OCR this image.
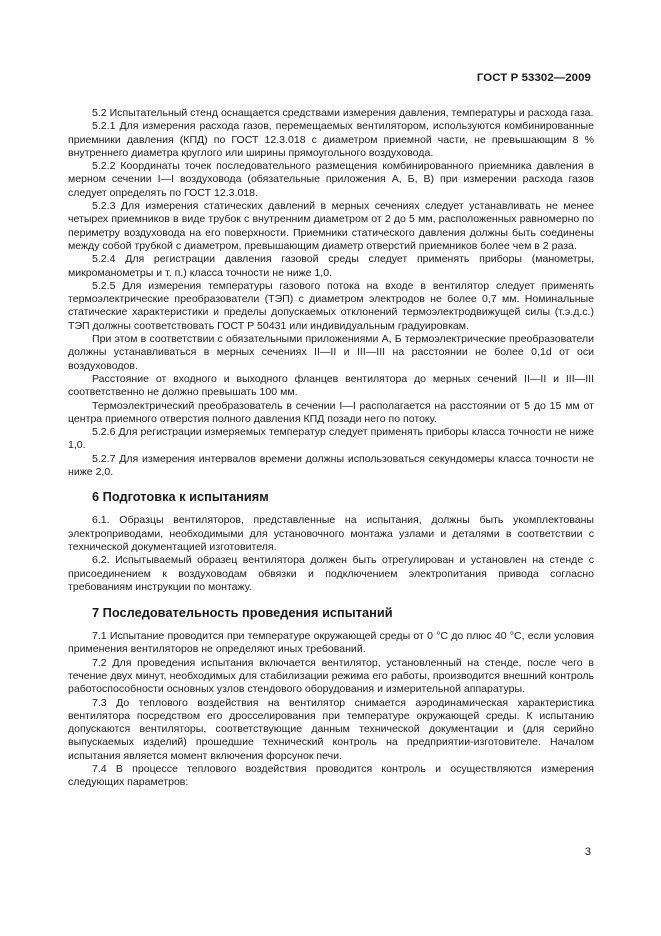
ГОСТ Р 53302—2009

5.2 Испытательный стенд оснащается средствами измерения давления, температуры и расхода газа.

5.2.1 Для измерения расхода газов, перемещаемых вентилятором, используются комбинированные приемники давления (КПД) по ГОСТ 12.3.018 с диаметром приемной части, не превышающим 8 % внутреннего диаметра круглого или ширины прямоугольного воздуховода.

5.2.2 Координаты точек последовательного размещения комбинированного приемника давления в мерном сечении I—I воздуховода (обязательные приложения А, Б, В) при измерении расхода газов следует определять по ГОСТ 12.3.018.

5.2.3 Для измерения статических давлений в мерных сечениях следует устанавливать не менее четырех приемников в виде трубок с внутренним диаметром от 2 до 5 мм, расположенных равномерно по периметру воздуховода на его поверхности. Приемники статического давления должны быть соединены между собой трубкой с диаметром, превышающим диаметр отверстий приемников более чем в 2 раза.

5.2.4 Для регистрации давления газовой среды следует применять приборы (манометры, микроманометры и т. п.) класса точности не ниже 1,0.

5.2.5 Для измерения температуры газового потока на входе в вентилятор следует применять термоэлектрические преобразователи (ТЭП) с диаметром электродов не более 0,7 мм. Номинальные статические характеристики и пределы допускаемых отклонений термоэлектродвижущей силы (т.э.д.с.) ТЭП должны соответствовать ГОСТ Р 50431 или индивидуальным градуировкам.

При этом в соответствии с обязательными приложениями А, Б термоэлектрические преобразователи должны устанавливаться в мерных сечениях II—II и III—III на расстоянии не более 0,1d от оси воздуховодов.

Расстояние от входного и выходного фланцев вентилятора до мерных сечений II—II и III—III соответственно не должно превышать 100 мм.

Термоэлектрический преобразователь в сечении I—I располагается на расстоянии от 5 до 15 мм от центра приемного отверстия полного давления КПД позади него по потоку.

5.2.6 Для регистрации измеряемых температур следует применять приборы класса точности не ниже 1,0.

5.2.7 Для измерения интервалов времени должны использоваться секундомеры класса точности не ниже 2,0.

6 Подготовка к испытаниям

6.1. Образцы вентиляторов, представленные на испытания, должны быть укомплектованы электроприводами, необходимыми для установочного монтажа узлами и деталями в соответствии с технической документацией изготовителя.

6.2. Испытываемый образец вентилятора должен быть отрегулирован и установлен на стенде с присоединением к воздуховодам обвязки и подключением электропитания привода согласно требованиям инструкции по монтажу.

7 Последовательность проведения испытаний

7.1 Испытание проводится при температуре окружающей среды от 0 °С до плюс 40 °С, если условия применения вентиляторов не определяют иных требований.

7.2 Для проведения испытания включается вентилятор, установленный на стенде, после чего в течение двух минут, необходимых для стабилизации режима его работы, производится внешний контроль работоспособности основных узлов стендового оборудования и измерительной аппаратуры.

7.3 До теплового воздействия на вентилятор снимается аэродинамическая характеристика вентилятора посредством его дросселирования при температуре окружающей среды. К испытанию допускаются вентиляторы, соответствующие данным технической документации и (для серийно выпускаемых изделий) прошедшие технический контроль на предприятии-изготовителе. Началом испытания является момент включения форсунок печи.

7.4 В процессе теплового воздействия проводится контроль и осуществляются измерения следующих параметров:

3
